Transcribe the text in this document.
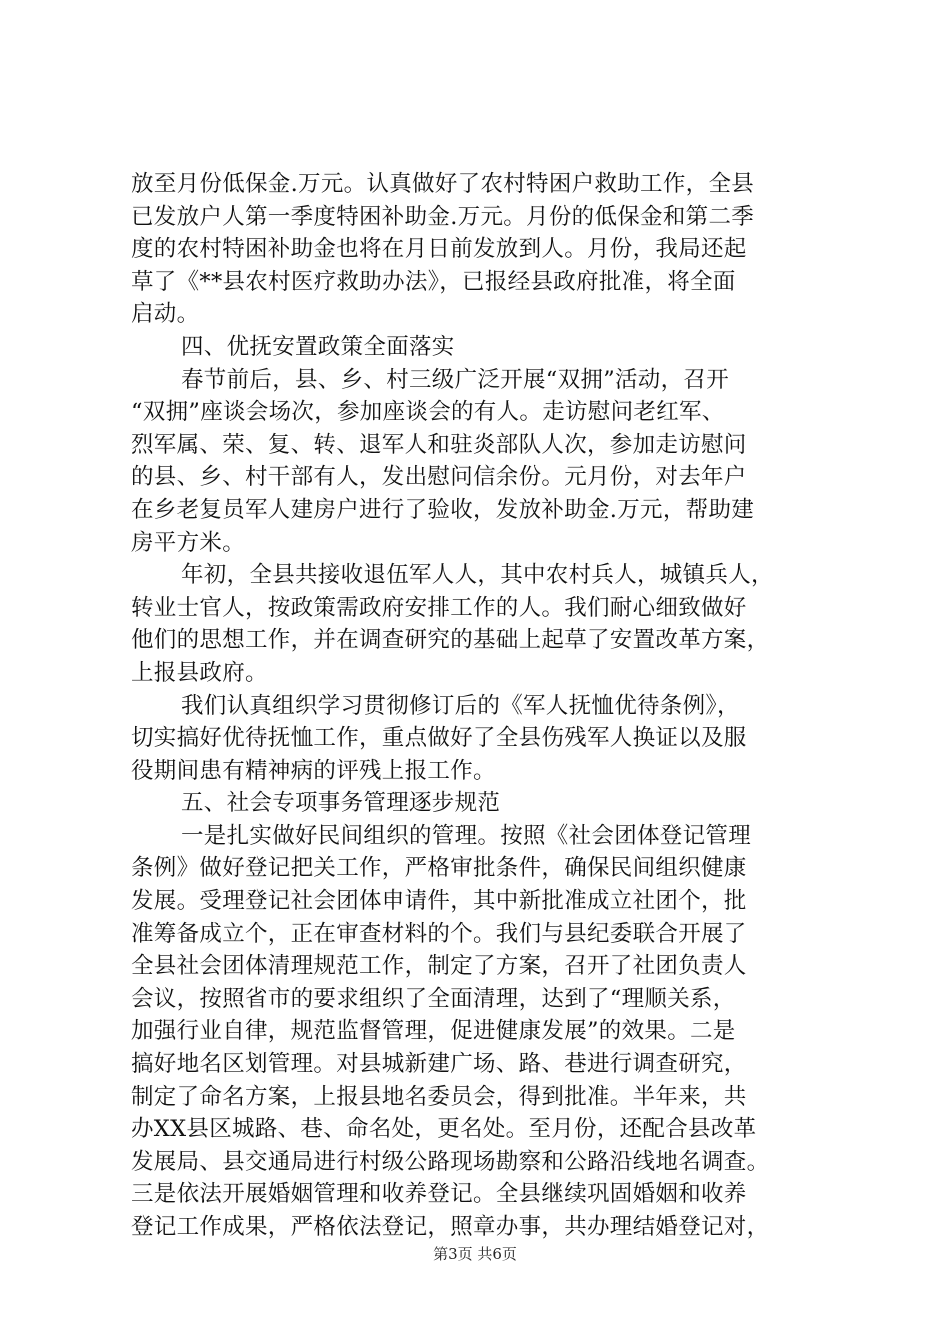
放至月份低保金.万元。认真做好了农村特困户救助工作，全县
已发放户人第一季度特困补助金.万元。月份的低保金和第二季
度的农村特困补助金也将在月日前发放到人。月份，我局还起
草了《**县农村医疗救助办法》，已报经县政府批准，将全面
启动。
四、优抚安置政策全面落实
春节前后，县、乡、村三级广泛开展“双拥”活动，召开
“双拥”座谈会场次，参加座谈会的有人。走访慰问老红军、
烈军属、荣、复、转、退军人和驻炎部队人次，参加走访慰问
的县、乡、村干部有人，发出慰问信余份。元月份，对去年户
在乡老复员军人建房户进行了验收，发放补助金.万元，帮助建
房平方米。
年初，全县共接收退伍军人人，其中农村兵人，城镇兵人，
转业士官人，按政策需政府安排工作的人。我们耐心细致做好
他们的思想工作，并在调查研究的基础上起草了安置改革方案，
上报县政府。
我们认真组织学习贯彻修订后的《军人抚恤优待条例》，
切实搞好优待抚恤工作，重点做好了全县伤残军人换证以及服
役期间患有精神病的评残上报工作。
五、社会专项事务管理逐步规范
一是扎实做好民间组织的管理。按照《社会团体登记管理
条例》做好登记把关工作，严格审批条件，确保民间组织健康
发展。受理登记社会团体申请件，其中新批准成立社团个，批
准筹备成立个，正在审查材料的个。我们与县纪委联合开展了
全县社会团体清理规范工作，制定了方案，召开了社团负责人
会议，按照省市的要求组织了全面清理，达到了“理顺关系，
加强行业自律，规范监督管理，促进健康发展”的效果。二是
搞好地名区划管理。对县城新建广场、路、巷进行调查研究，
制定了命名方案，上报县地名委员会，得到批准。半年来，共
办XX县区城路、巷、命名处，更名处。至月份，还配合县改革
发展局、县交通局进行村级公路现场勘察和公路沿线地名调查。
三是依法开展婚姻管理和收养登记。全县继续巩固婚姻和收养
登记工作成果，严格依法登记，照章办事，共办理结婚登记对，
第3页 共6页
